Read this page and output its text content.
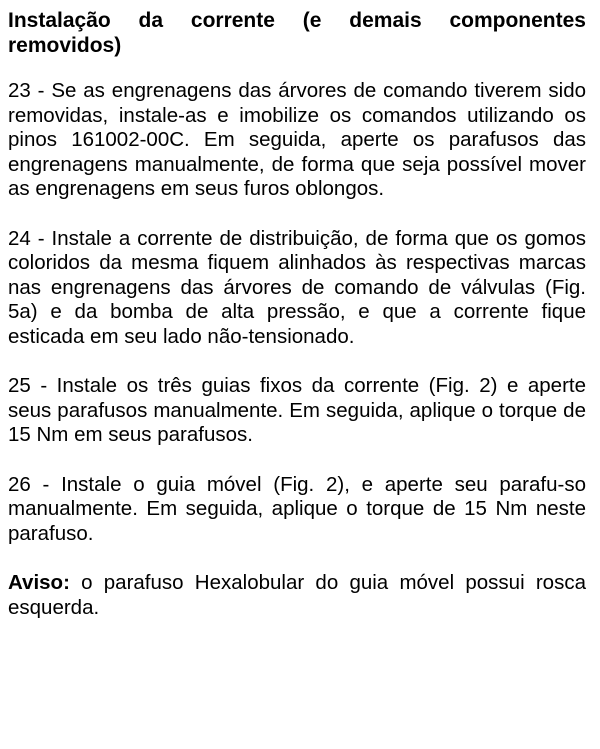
Instalação da corrente (e demais componentes removidos)

23 - Se as engrenagens das árvores de comando tiverem sido removidas, instale-as e imobilize os comandos utilizando os pinos 161002-00C. Em seguida, aperte os parafusos das engrenagens manualmente, de forma que seja possível mover as engrenagens em seus furos oblongos.

24 - Instale a corrente de distribuição, de forma que os gomos coloridos da mesma fiquem alinhados às respectivas marcas nas engrenagens das árvores de comando de válvulas (Fig. 5a) e da bomba de alta pressão, e que a corrente fique esticada em seu lado não-tensionado.

25 - Instale os três guias fixos da corrente (Fig. 2) e aperte seus parafusos manualmente. Em seguida, aplique o torque de 15 Nm em seus parafusos.

26 - Instale o guia móvel (Fig. 2), e aperte seu parafu-so manualmente. Em seguida, aplique o torque de 15 Nm neste parafuso.

Aviso: o parafuso Hexalobular do guia móvel possui rosca esquerda.
